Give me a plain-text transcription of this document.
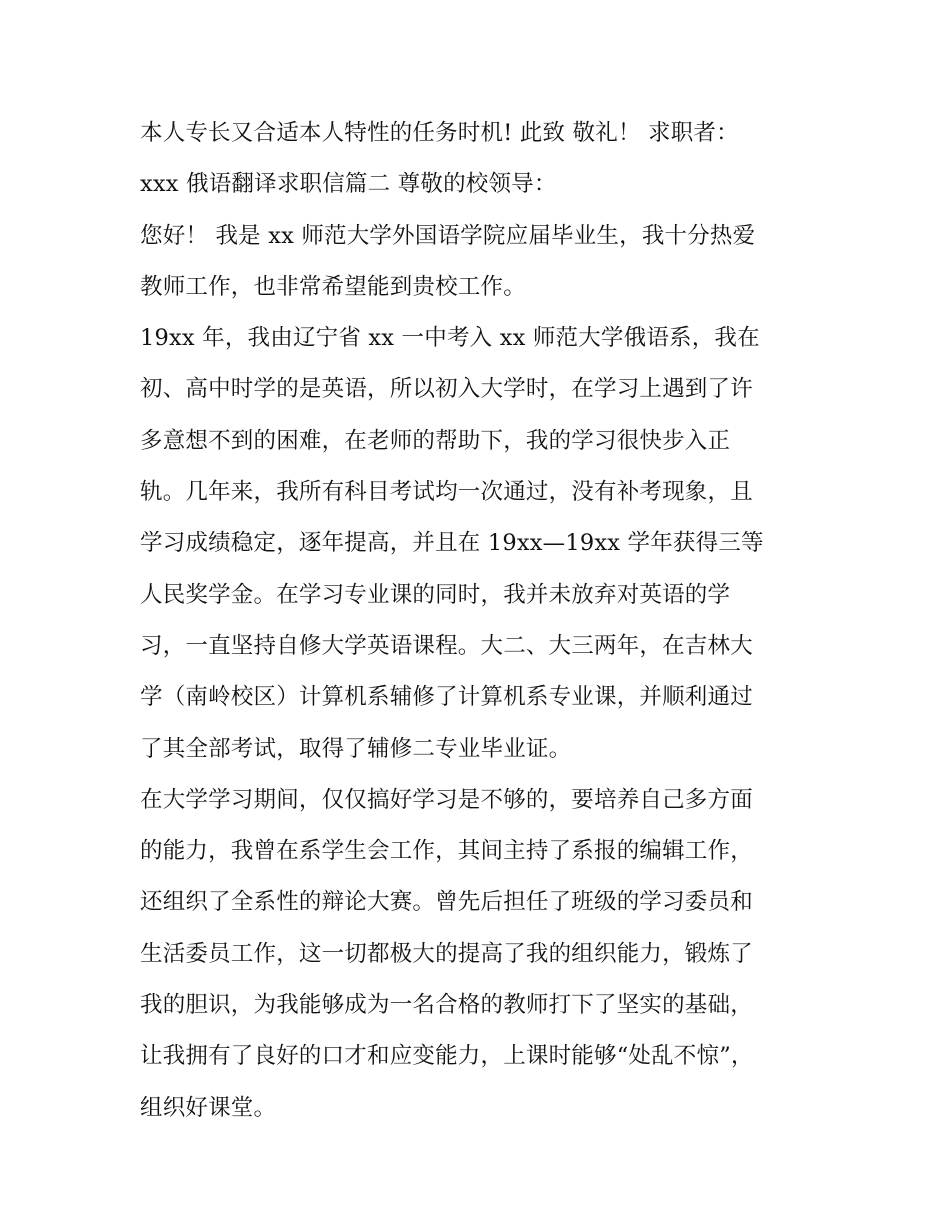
本人专长又合适本人特性的任务时机! 此致 敬礼！ 求职者：
xxx 俄语翻译求职信篇二 尊敬的校领导：
您好！ 我是 xx 师范大学外国语学院应届毕业生，我十分热爱
教师工作，也非常希望能到贵校工作。
19xx 年，我由辽宁省 xx 一中考入 xx 师范大学俄语系，我在
初、高中时学的是英语，所以初入大学时，在学习上遇到了许
多意想不到的困难，在老师的帮助下，我的学习很快步入正
轨。几年来，我所有科目考试均一次通过，没有补考现象，且
学习成绩稳定，逐年提高，并且在 19xx—19xx 学年获得三等
人民奖学金。在学习专业课的同时，我并未放弃对英语的学
习，一直坚持自修大学英语课程。大二、大三两年，在吉林大
学（南岭校区）计算机系辅修了计算机系专业课，并顺利通过
了其全部考试，取得了辅修二专业毕业证。
在大学学习期间，仅仅搞好学习是不够的，要培养自己多方面
的能力，我曾在系学生会工作，其间主持了系报的编辑工作，
还组织了全系性的辩论大赛。曾先后担任了班级的学习委员和
生活委员工作，这一切都极大的提高了我的组织能力，锻炼了
我的胆识，为我能够成为一名合格的教师打下了坚实的基础，
让我拥有了良好的口才和应变能力，上课时能够“处乱不惊”，
组织好课堂。
